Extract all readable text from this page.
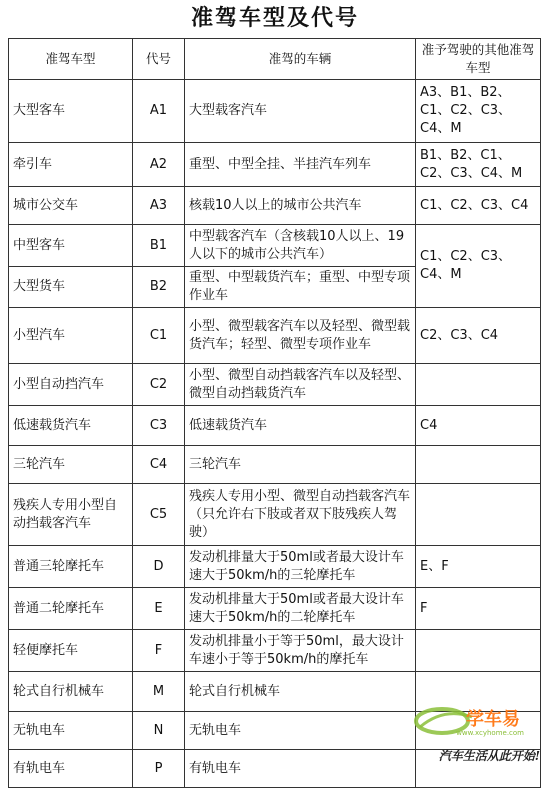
准驾车型及代号
准驾车型	代号	准驾的车辆	准予驾驶的其他准驾车型
大型客车	A1	大型载客汽车	A3、B1、B2、C1、C2、C3、C4、M
牵引车	A2	重型、中型全挂、半挂汽车列车	B1、B2、C1、C2、C3、C4、M
城市公交车	A3	核载10人以上的城市公共汽车	C1、C2、C3、C4
中型客车	B1	中型载客汽车（含核载10人以上、19人以下的城市公共汽车）	C1、C2、C3、C4、M
大型货车	B2	重型、中型载货汽车；重型、中型专项作业车	
小型汽车	C1	小型、微型载客汽车以及轻型、微型载货汽车；轻型、微型专项作业车	C2、C3、C4
小型自动挡汽车	C2	小型、微型自动挡载客汽车以及轻型、微型自动挡载货汽车	
低速载货汽车	C3	低速载货汽车	C4
三轮汽车	C4	三轮汽车	
残疾人专用小型自动挡载客汽车	C5	残疾人专用小型、微型自动挡载客汽车（只允许右下肢或者双下肢残疾人驾驶）	
普通三轮摩托车	D	发动机排量大于50ml或者最大设计车速大于50km/h的三轮摩托车	E、F
普通二轮摩托车	E	发动机排量大于50ml或者最大设计车速大于50km/h的二轮摩托车	F
轻便摩托车	F	发动机排量小于等于50ml，最大设计车速小于等于50km/h的摩托车	
轮式自行机械车	M	轮式自行机械车	
无轨电车	N	无轨电车	
有轨电车	P	有轨电车	
学车易
www.xcyhome.com
汽车生活从此开始!
